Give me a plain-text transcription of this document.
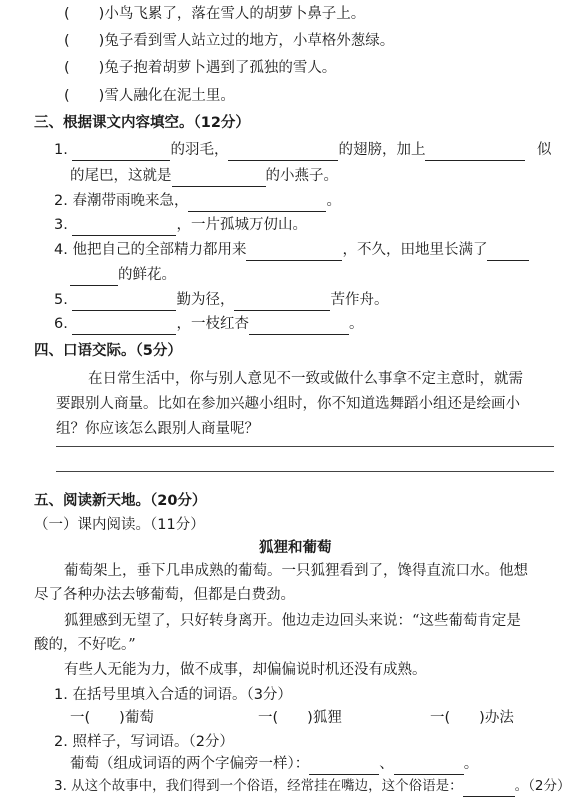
(　　)小鸟飞累了，落在雪人的胡萝卜鼻子上。
(　　)兔子看到雪人站立过的地方，小草格外葱绿。
(　　)兔子抱着胡萝卜遇到了孤独的雪人。
(　　)雪人融化在泥土里。
三、根据课文内容填空。（12分）
1.	的羽毛，	的翅膀，加上	似
的尾巴，这就是	的小燕子。
2. 春潮带雨晚来急，	。
3.	，一片孤城万仞山。
4. 他把自己的全部精力都用来	，不久，田地里长满了
的鲜花。
5.	勤为径，	苦作舟。
6.	，一枝红杏	。
四、口语交际。（5分）
在日常生活中，你与别人意见不一致或做什么事拿不定主意时，就需
要跟别人商量。比如在参加兴趣小组时，你不知道选舞蹈小组还是绘画小
组？你应该怎么跟别人商量呢？
五、阅读新天地。（20分）
（一）课内阅读。（11分）
狐狸和葡萄
葡萄架上，垂下几串成熟的葡萄。一只狐狸看到了，馋得直流口水。他想
尽了各种办法去够葡萄，但都是白费劲。
狐狸感到无望了，只好转身离开。他边走边回头来说：“这些葡萄肯定是
酸的，不好吃。”
有些人无能为力，做不成事，却偏偏说时机还没有成熟。
1. 在括号里填入合适的词语。（3分）
一(　　)葡萄	一(　　)狐狸	一(　　)办法
2. 照样子，写词语。（2分）
葡萄（组成词语的两个字偏旁一样）：	、	。
3. 从这个故事中，我们得到一个俗语，经常挂在嘴边，这个俗语是：	。（2分）
